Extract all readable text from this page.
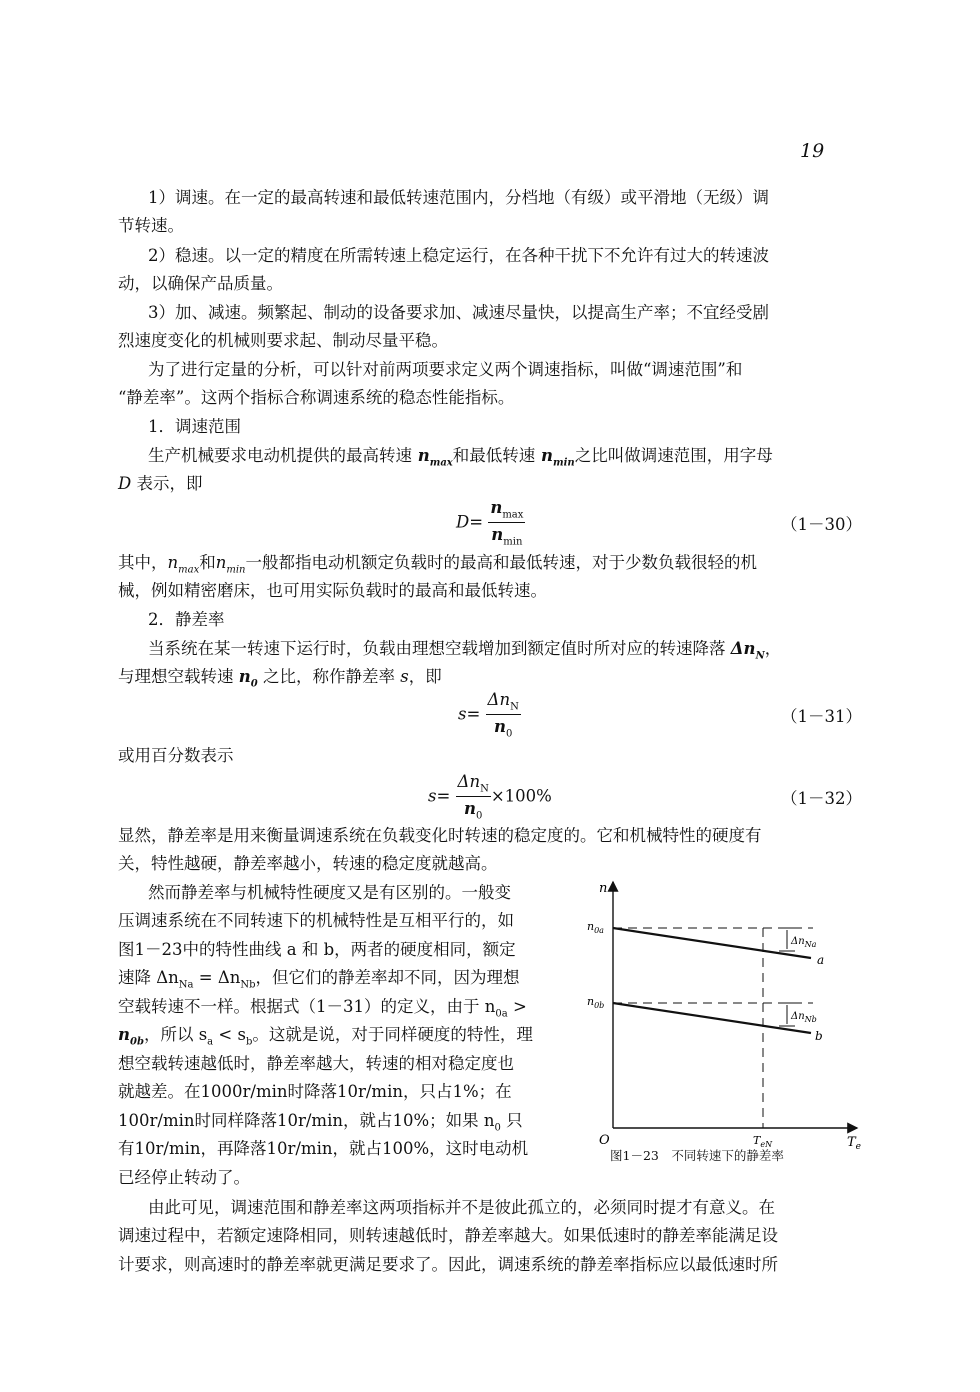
19
1）调速。在一定的最高转速和最低转速范围内，分档地（有级）或平滑地（无级）调
节转速。
2）稳速。以一定的精度在所需转速上稳定运行，在各种干扰下不允许有过大的转速波
动，以确保产品质量。
3）加、减速。频繁起、制动的设备要求加、减速尽量快，以提高生产率；不宜经受剧
烈速度变化的机械则要求起、制动尽量平稳。
为了进行定量的分析，可以针对前两项要求定义两个调速指标，叫做“调速范围”和
“静差率”。这两个指标合称调速系统的稳态性能指标。
1．调速范围
生产机械要求电动机提供的最高转速 $n_{max}$和最低转速 $n_{min}$之比叫做调速范围，用字母
D 表示，即
$D= \frac{n_{max}}{n_{min}}$	（1－30）
其中，$n_{max}$和$n_{min}$一般都指电动机额定负载时的最高和最低转速，对于少数负载很轻的机
械，例如精密磨床，也可用实际负载时的最高和最低转速。
2．静差率
当系统在某一转速下运行时，负载由理想空载增加到额定值时所对应的转速降落 $\Delta n_N$，
与理想空载转速 $n_0$ 之比，称作静差率 s，即
$s= \frac{\Delta n_N}{n_0}$	（1－31）
或用百分数表示
$s= \frac{\Delta n_N}{n_0} \times 100\%$	（1－32）
显然，静差率是用来衡量调速系统在负载变化时转速的稳定度的。它和机械特性的硬度有
关，特性越硬，静差率越小，转速的稳定度就越高。
然而静差率与机械特性硬度又是有区别的。一般变
压调速系统在不同转速下的机械特性是互相平行的，如
图1－23中的特性曲线 a 和 b，两者的硬度相同，额定
速降 $\Delta n_{Na} = \Delta n_{Nb}$，但它们的静差率却不同，因为理想
空载转速不一样。根据式（1－31）的定义，由于 $n_{0a}$ >
$n_{0b}$，所以 $s_a < s_b$。这就是说，对于同样硬度的特性，理
想空载转速越低时，静差率越大，转速的相对稳定度也
就越差。在1000r/min时降落10r/min，只占1%；在
100r/min时同样降落10r/min，就占10%；如果 $n_0$ 只
有10r/min，再降落10r/min，就占100%，这时电动机
已经停止转动了。
n
$T_e$
O
$n_{0a}$
a
$n_{0b}$
b
$T_{eN}$
$\Delta n_{Na}$
$\Delta n_{Nb}$
图1－23　不同转速下的静差率
由此可见，调速范围和静差率这两项指标并不是彼此孤立的，必须同时提才有意义。在
调速过程中，若额定速降相同，则转速越低时，静差率越大。如果低速时的静差率能满足设
计要求，则高速时的静差率就更满足要求了。因此，调速系统的静差率指标应以最低速时所
